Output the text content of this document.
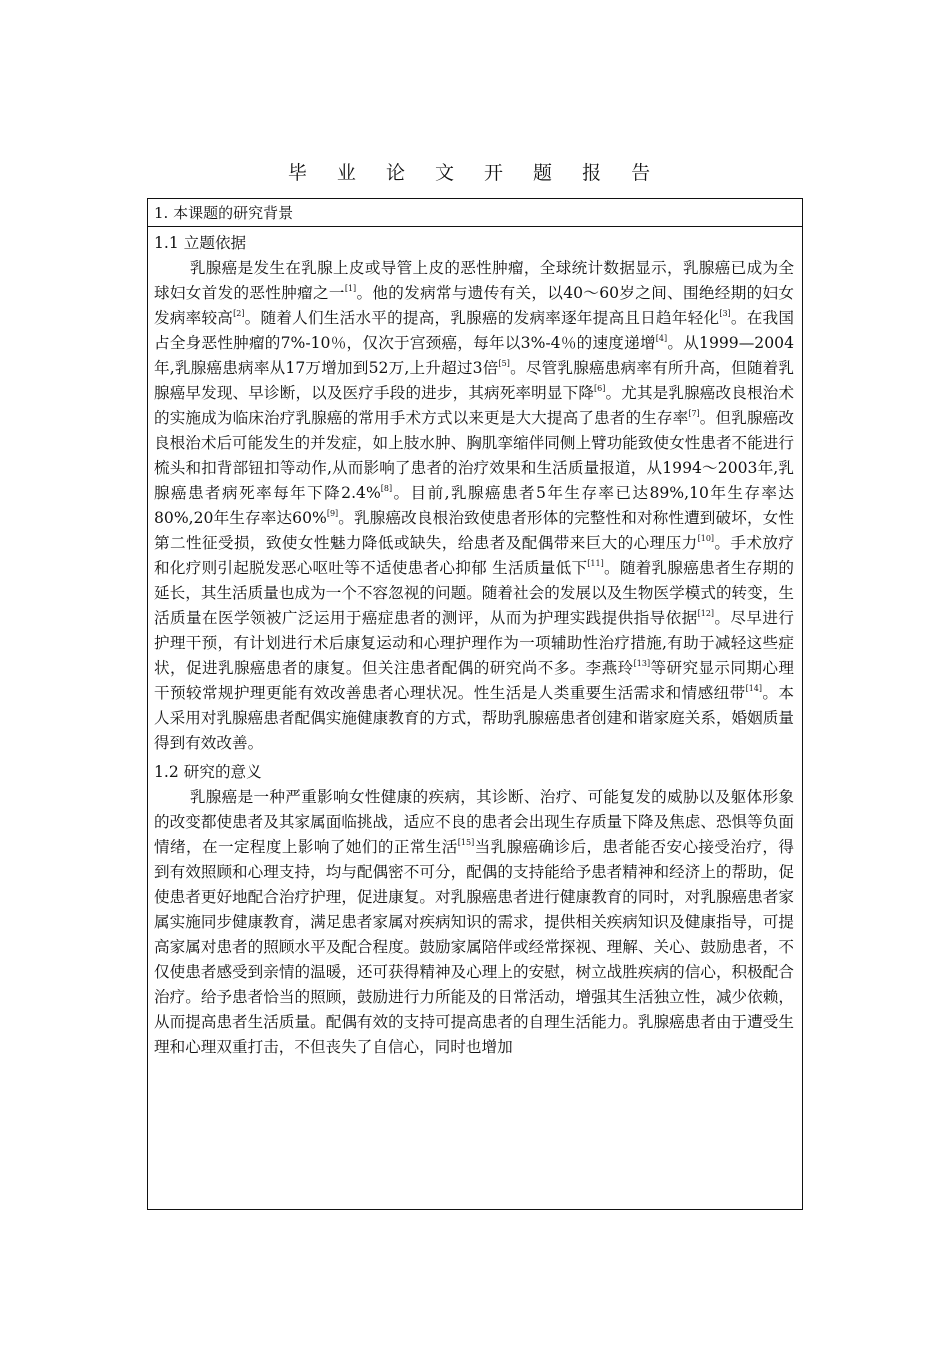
毕 业 论 文 开 题 报 告
1. 本课题的研究背景
1.1 立题依据

乳腺癌是发生在乳腺上皮或导管上皮的恶性肿瘤，全球统计数据显示，乳腺癌已成为全球妇女首发的恶性肿瘤之一[1]。他的发病常与遗传有关，以40～60岁之间、围绝经期的妇女发病率较高[2]。随着人们生活水平的提高，乳腺癌的发病率逐年提高且日趋年轻化[3]。在我国占全身恶性肿瘤的7%-10％，仅次于宫颈癌，每年以3%-4％的速度递增[4]。从1999—2004年,乳腺癌患病率从17万增加到52万,上升超过3倍[5]。尽管乳腺癌患病率有所升高，但随着乳腺癌早发现、早诊断，以及医疗手段的进步，其病死率明显下降[6]。尤其是乳腺癌改良根治术的实施成为临床治疗乳腺癌的常用手术方式以来更是大大提高了患者的生存率[7]。但乳腺癌改良根治术后可能发生的并发症，如上肢水肿、胸肌挛缩伴同侧上臂功能致使女性患者不能进行梳头和扣背部钮扣等动作,从而影响了患者的治疗效果和生活质量报道，从1994～2003年,乳腺癌患者病死率每年下降2.4%[8]。目前,乳腺癌患者5年生存率已达89%,10年生存率达80%,20年生存率达60%[9]。乳腺癌改良根治致使患者形体的完整性和对称性遭到破坏，女性第二性征受损，致使女性魅力降低或缺失，给患者及配偶带来巨大的心理压力[10]。手术放疗和化疗则引起脱发恶心呕吐等不适使患者心抑郁 生活质量低下[11]。随着乳腺癌患者生存期的延长，其生活质量也成为一个不容忽视的问题。随着社会的发展以及生物医学模式的转变，生活质量在医学领被广泛运用于癌症患者的测评，从而为护理实践提供指导依据[12]。尽早进行护理干预，有计划进行术后康复运动和心理护理作为一项辅助性治疗措施,有助于减轻这些症状，促进乳腺癌患者的康复。但关注患者配偶的研究尚不多。李燕玲[13]等研究显示同期心理干预较常规护理更能有效改善患者心理状况。性生活是人类重要生活需求和情感纽带[14]。本人采用对乳腺癌患者配偶实施健康教育的方式，帮助乳腺癌患者创建和谐家庭关系，婚姻质量得到有效改善。

1.2 研究的意义

乳腺癌是一种严重影响女性健康的疾病，其诊断、治疗、可能复发的威胁以及躯体形象的改变都使患者及其家属面临挑战，适应不良的患者会出现生存质量下降及焦虑、恐惧等负面情绪，在一定程度上影响了她们的正常生活[15]当乳腺癌确诊后，患者能否安心接受治疗，得到有效照顾和心理支持，均与配偶密不可分，配偶的支持能给予患者精神和经济上的帮助，促使患者更好地配合治疗护理，促进康复。对乳腺癌患者进行健康教育的同时，对乳腺癌患者家属实施同步健康教育，满足患者家属对疾病知识的需求，提供相关疾病知识及健康指导，可提高家属对患者的照顾水平及配合程度。鼓励家属陪伴或经常探视、理解、关心、鼓励患者，不仅使患者感受到亲情的温暖，还可获得精神及心理上的安慰，树立战胜疾病的信心，积极配合治疗。给予患者恰当的照顾，鼓励进行力所能及的日常活动，增强其生活独立性，减少依赖，从而提高患者生活质量。配偶有效的支持可提高患者的自理生活能力。乳腺癌患者由于遭受生理和心理双重打击，不但丧失了自信心，同时也增加
